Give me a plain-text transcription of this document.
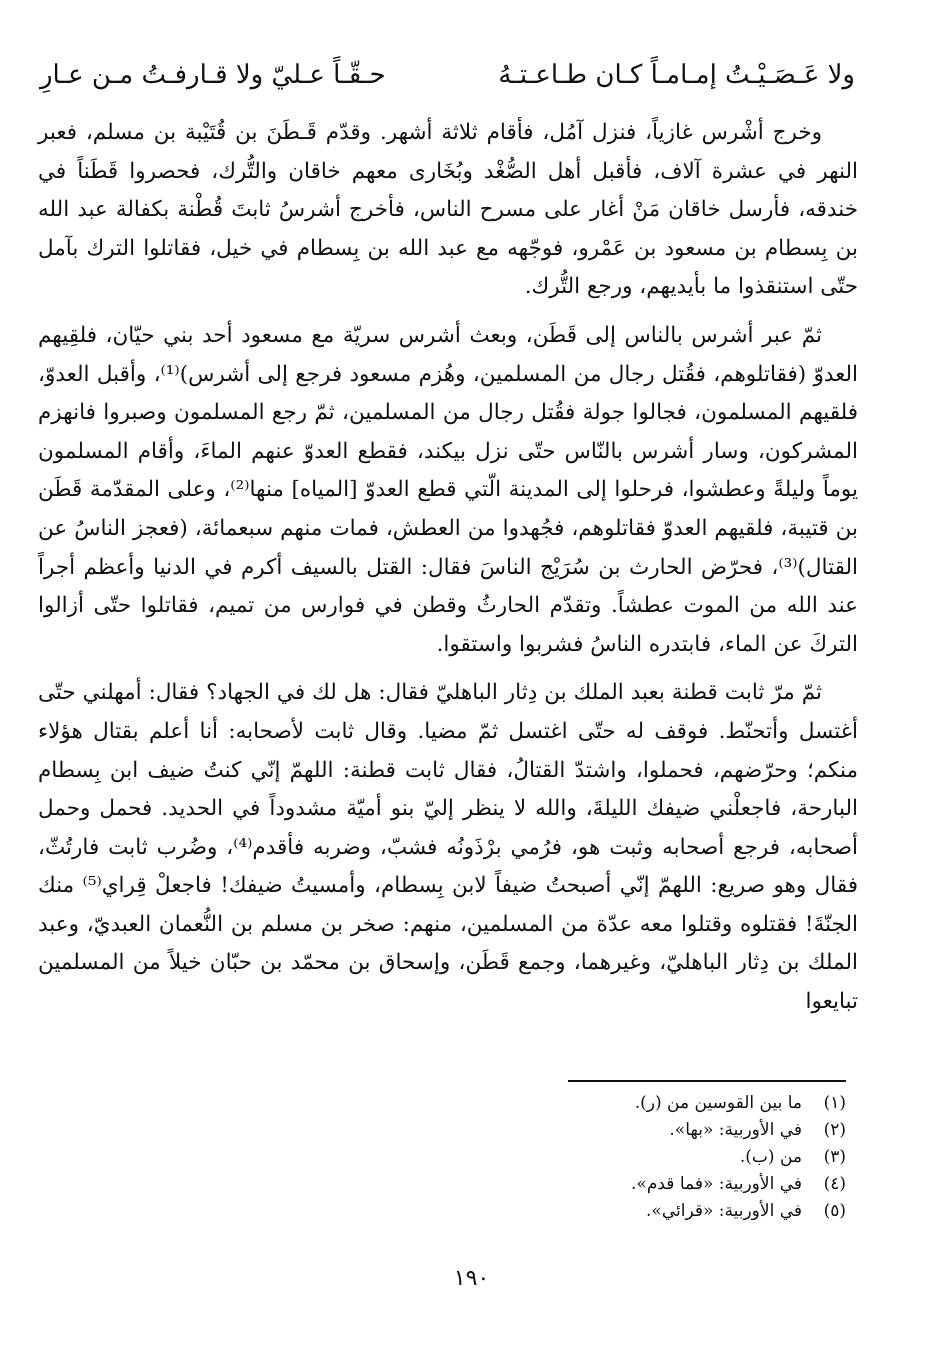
ولا عَـصَـيْـتُ إمـامـاً كـان طـاعـتـهُ
حـقّـاً عـليّ ولا قـارفـتُ مـن عـارِ

وخرج أشْرس غازياً، فنزل آمُل، فأقام ثلاثة أشهر. وقدّم قَـطَنَ بن قُتَيْبة بن مسلم، فعبر النهر في عشرة آلاف، فأقبل أهل الصُّغْد وبُخَارى معهم خاقان والتُّرك، فحصروا قَطَناً في خندقه، فأرسل خاقان مَنْ أغار على مسرح الناس، فأخرج أشرسُ ثابتَ قُطْنة بكفالة عبد الله بن بِسطام بن مسعود بن عَمْرو، فوجّهه مع عبد الله بن بِسطام في خيل، فقاتلوا الترك بآمل حتّى استنقذوا ما بأيديهم، ورجع التُّرك.

ثمّ عبر أشرس بالناس إلى قَطَن، وبعث أشرس سريّة مع مسعود أحد بني حيّان، فلقِيهم العدوّ (فقاتلوهم، فقُتل رجال من المسلمين، وهُزم مسعود فرجع إلى أشرس)⁽¹⁾، وأقبل العدوّ، فلقيهم المسلمون، فجالوا جولة فقُتل رجال من المسلمين، ثمّ رجع المسلمون وصبروا فانهزم المشركون، وسار أشرس بالنّاس حتّى نزل بيكند، فقطع العدوّ عنهم الماءَ، وأقام المسلمون يوماً وليلةً وعطشوا، فرحلوا إلى المدينة الّتي قطع العدوّ [المياه] منها⁽²⁾، وعلى المقدّمة قَطَن بن قتيبة، فلقيهم العدوّ فقاتلوهم، فجُهدوا من العطش، فمات منهم سبعمائة، (فعجز الناسُ عن القتال)⁽³⁾، فحرّض الحارث بن سُرَيْج الناسَ فقال: القتل بالسيف أكرم في الدنيا وأعظم أجراً عند الله من الموت عطشاً. وتقدّم الحارثُ وقطن في فوارس من تميم، فقاتلوا حتّى أزالوا التركَ عن الماء، فابتدره الناسُ فشربوا واستقوا.

ثمّ مرّ ثابت قطنة بعبد الملك بن دِثار الباهليّ فقال: هل لك في الجهاد؟ فقال: أمهلني حتّى أغتسل وأتحنّط. فوقف له حتّى اغتسل ثمّ مضيا. وقال ثابت لأصحابه: أنا أعلم بقتال هؤلاء منكم؛ وحرّضهم، فحملوا، واشتدّ القتالُ، فقال ثابت قطنة: اللهمّ إنّي كنتُ ضيف ابن بِسطام البارحة، فاجعلْني ضيفك الليلةَ، والله لا ينظر إليّ بنو أميّة مشدوداً في الحديد. فحمل وحمل أصحابه، فرجع أصحابه وثبت هو، فرُمي برْذَونُه فشبّ، وضربه فأقدم⁽⁴⁾، وضُرب ثابت فارتُثّ، فقال وهو صريع: اللهمّ إنّي أصبحتُ ضيفاً لابن بِسطام، وأمسيتُ ضيفك! فاجعلْ قِراي⁽⁵⁾ منك الجنّةَ! فقتلوه وقتلوا معه عدّة من المسلمين، منهم: صخر بن مسلم بن النُّعمان العبديّ، وعبد الملك بن دِثار الباهليّ، وغيرهما، وجمع قَطَن، وإسحاق بن محمّد بن حبّان خيلاً من المسلمين تبايعوا

(١)ما بين القوسين من (ر).
(٢)في الأوربية: «بها».
(٣)من (ب).
(٤)في الأوربية: «فما قدم».
(٥)في الأوربية: «قرائي».
١٩٠
